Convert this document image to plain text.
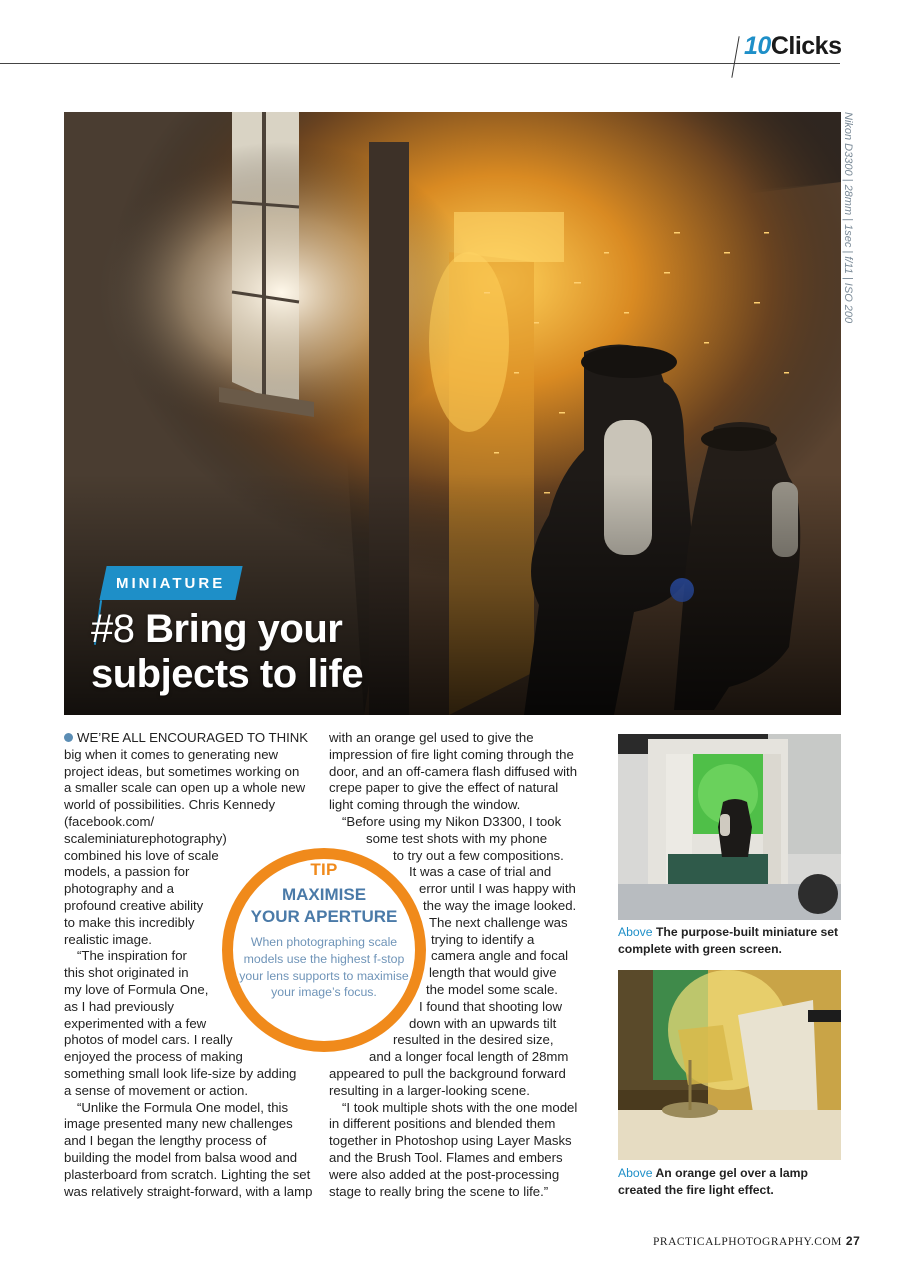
10Clicks
Nikon D3300 | 28mm | 1sec | f/11 | ISO 200
MINIATURE
#8 Bring your
subjects to life

WE’RE ALL ENCOURAGED TO THINK

big when it comes to generating new

project ideas, but sometimes working on

a smaller scale can open up a whole new

world of possibilities. Chris Kennedy

(facebook.com/

scaleminiaturephotography)

combined his love of scale

models, a passion for

photography and a

profound creative ability

to make this incredibly

realistic image.

“The inspiration for

this shot originated in

my love of Formula One,

as I had previously

experimented with a few

photos of model cars. I really

enjoyed the process of making

something small look life-size by adding

a sense of movement or action.

“Unlike the Formula One model, this

image presented many new challenges

and I began the lengthy process of

building the model from balsa wood and

plasterboard from scratch. Lighting the set

was relatively straight-forward, with a lamp

with an orange gel used to give the

impression of fire light coming through the

door, and an off-camera flash diffused with

crepe paper to give the effect of natural

light coming through the window.

“Before using my Nikon D3300, I took

some test shots with my phone

to try out a few compositions.

It was a case of trial and

error until I was happy with

the way the image looked.

The next challenge was

trying to identify a

camera angle and focal

length that would give

the model some scale.

I found that shooting low

down with an upwards tilt

resulted in the desired size,

and a longer focal length of 28mm

appeared to pull the background forward

resulting in a larger-looking scene.

“I took multiple shots with the one model

in different positions and blended them

together in Photoshop using Layer Masks

and the Brush Tool. Flames and embers

were also added at the post-processing

stage to really bring the scene to life.”

TIP
MAXIMISE
YOUR APERTURE
When photographing scale models use the highest f-stop your lens supports to maximise your image’s focus.
Above The purpose-built miniature set complete with green screen.
Above An orange gel over a lamp created the fire light effect.
PRACTICALPHOTOGRAPHY.COM 27
